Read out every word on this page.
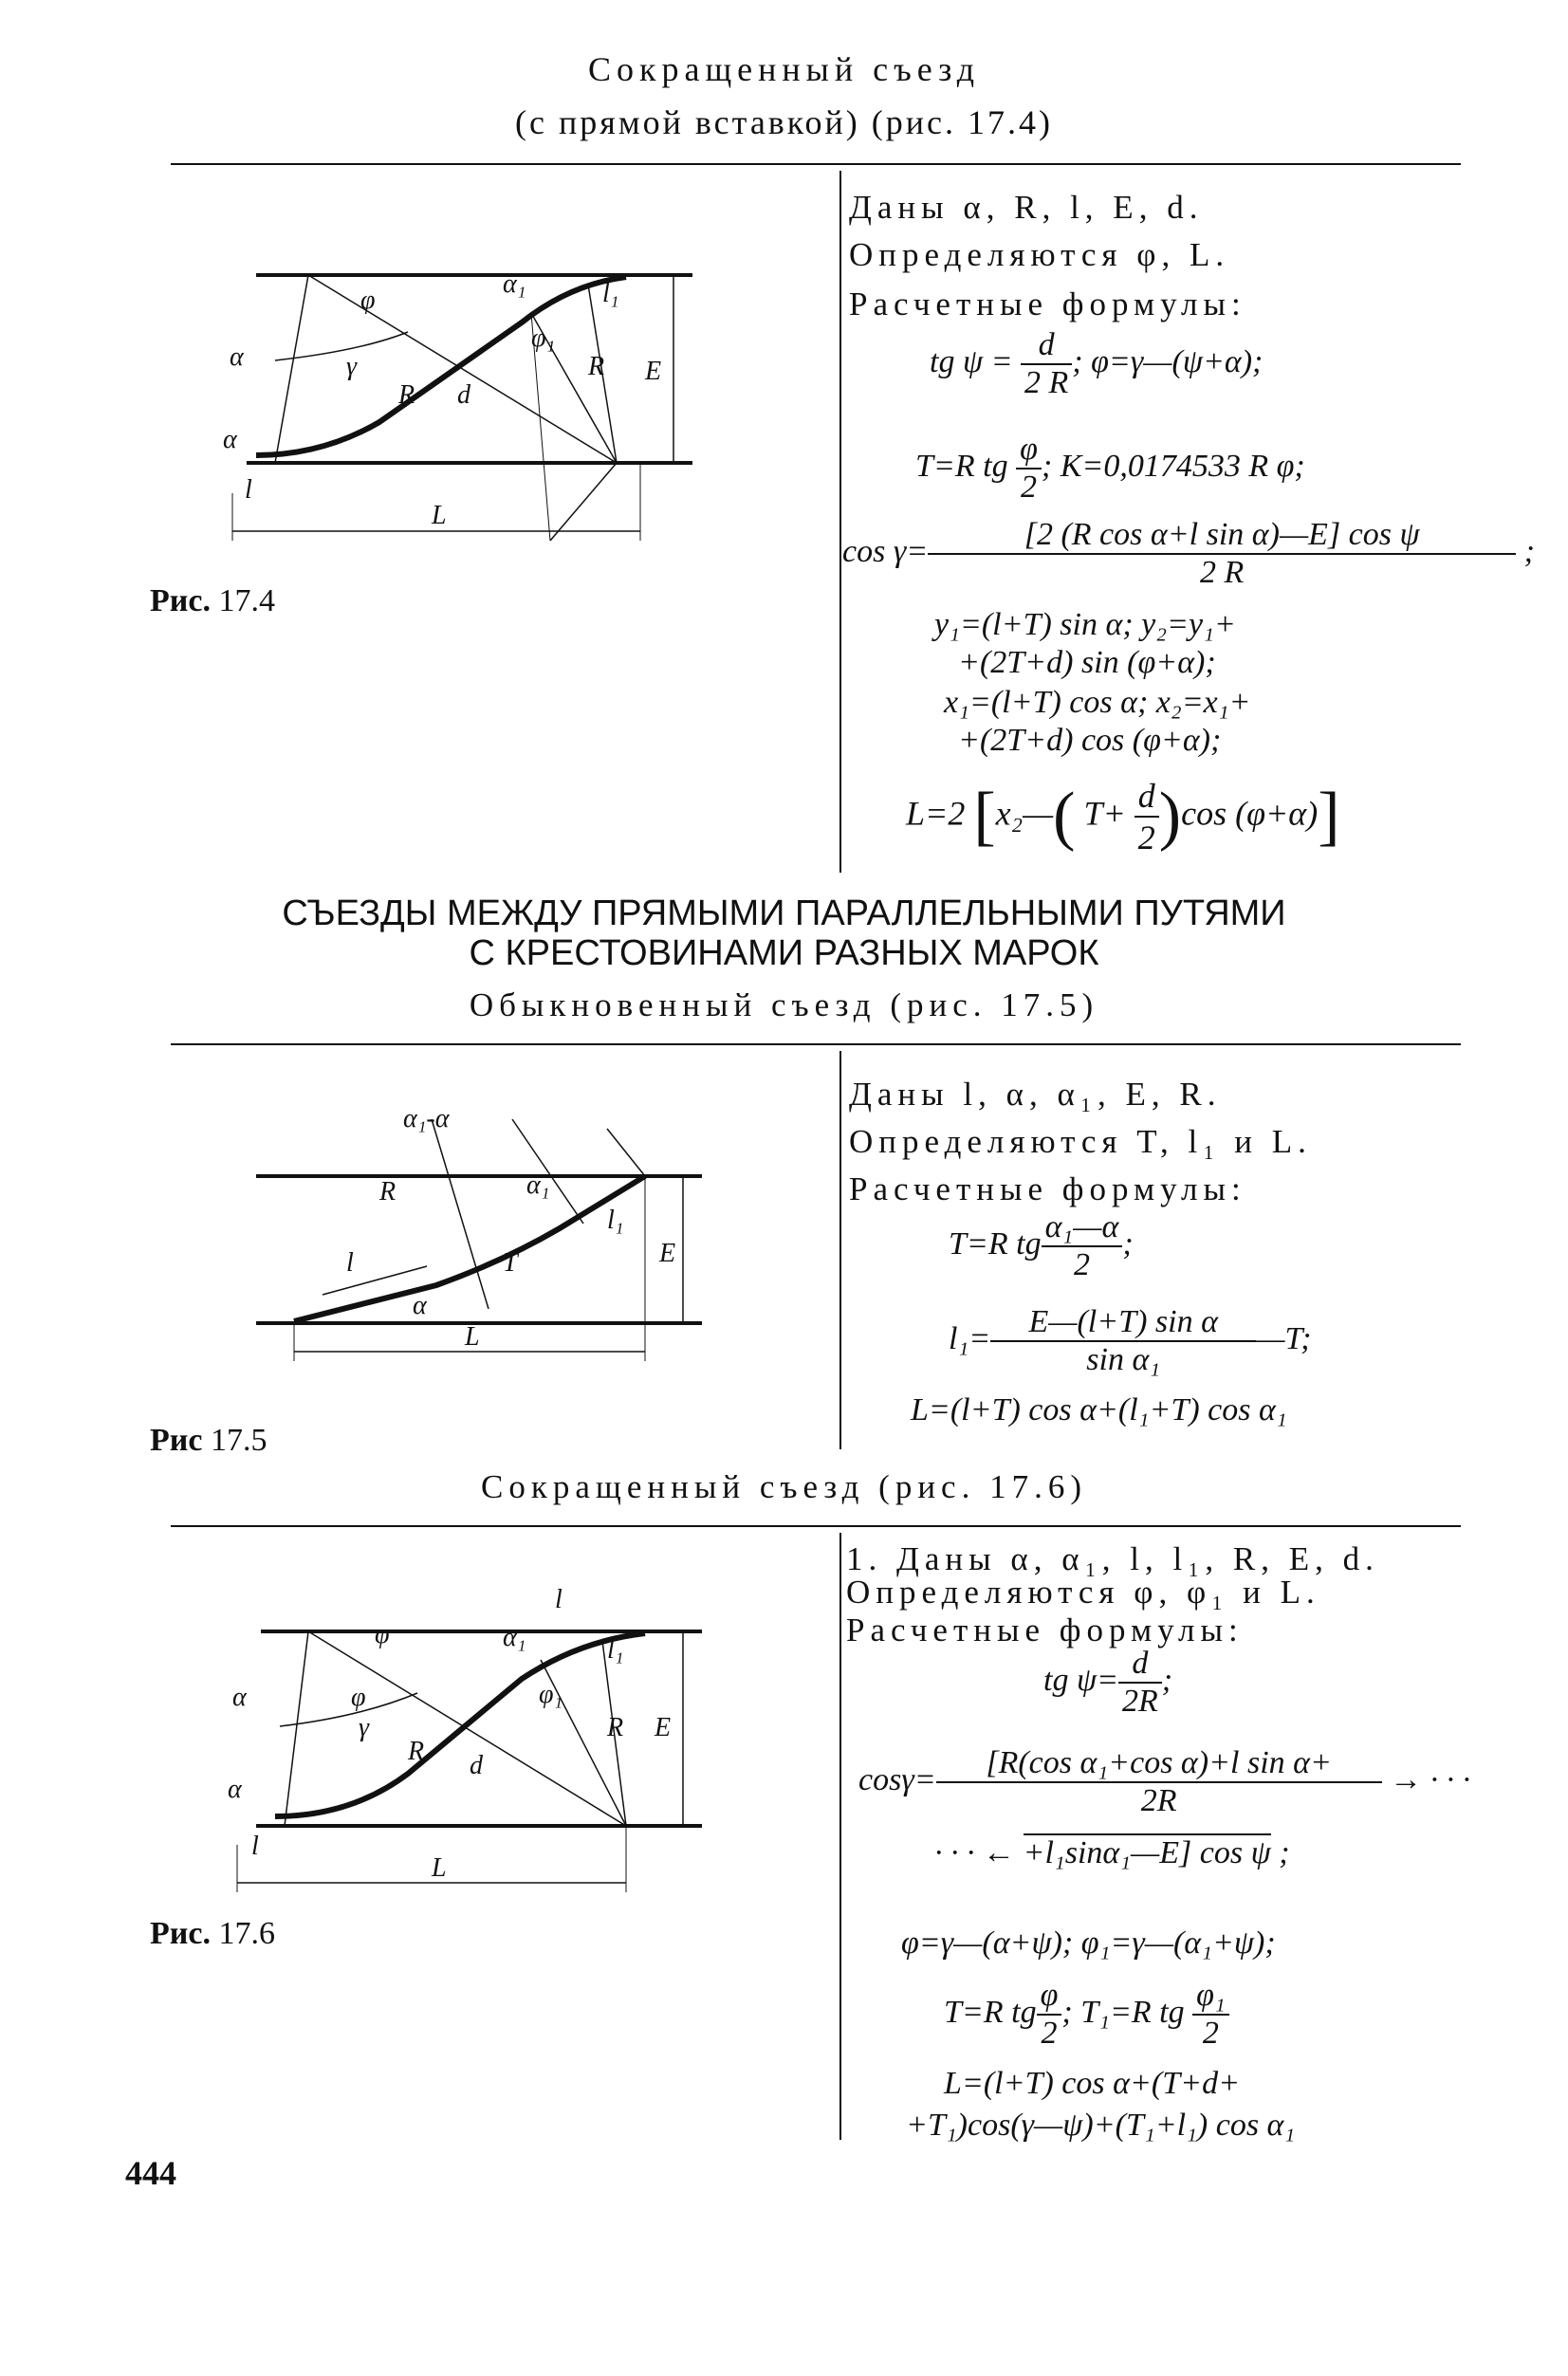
Сокращенный съезд
(с прямой вставкой) (рис. 17.4)
φ
α	γ
R d
φ₁
α₁	l₁
R E
α
l
L
Рис. 17.4
Даны α, R, l, E, d.
Определяются φ, L.
Расчетные формулы:
tg $\psi = \frac{d}{2 R}$ ; φ=γ—(ψ+α);
T=R tg $\frac{\varphi}{2}$ ; K=0,0174533 R φ;
$\cos \gamma= \frac{\text{[2 (R cos α+l sin α)—E] cos ψ}}{2 R}$ ;
y₁=(l+T) sin α; y₂=y₁+
+(2T+d) sin (φ+α);
x₁=(l+T) cos α; x₂=x₁+
+(2T+d) cos (φ+α);
L=2 [x₂—( $T+ \frac{d}{2} )\cos$ (φ+α)]
СЪЕЗДЫ МЕЖДУ ПРЯМЫМИ ПАРАЛЛЕЛЬНЫМИ ПУТЯМИ
С КРЕСТОВИНАМИ РАЗНЫХ МАРОК
Обыкновенный съезд (рис. 17.5)
α₁-α
R	α₁
l₁
l	T
α
E
L
Рис 17.5
Даны l, α, α₁, E, R.
Определяются T, l₁ и L.
Расчетные формулы:
T=R tg $\frac{\text{α₁—α}}{2}$ ;
$l_1= \frac{\text{E—(l+T) sin α}}{\text{sin α₁}}$ —T;
L=(l+T) cos α+(l₁+T) cos α₁
Сокращенный съезд (рис. 17.6)
φ
l
α₁	l₁
α	φ
γ
R d
φ₁
R E
α
l
L
Рис. 17.6
1. Даны α, α₁, l, l₁, R, E, d.
Определяются φ, φ₁ и L.
Расчетные формулы:
tg $\psi= \frac{d}{2R}$ ;
$\cos\gamma= \frac{\text{[R(cos α₁+cos α)+l sin α+}}{2R}$ → · · ·
· · · ← +l₁sinα₁—E] cos ψ ;
φ=γ—(α+ψ); φ₁=γ—(α₁+ψ);
T=R tg $\frac{\varphi}{2}$ ; T₁=R tg $\frac{\text{φ₁}}{2}$
L=(l+T) cos α+(T+d+
+T₁)cos(γ—ψ)+(T₁+l₁) cos α₁
444
